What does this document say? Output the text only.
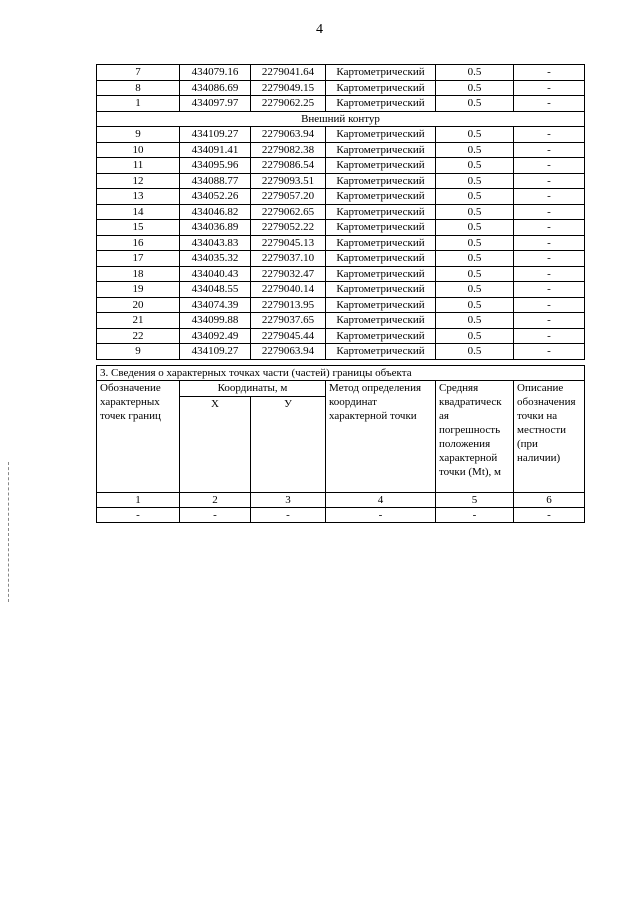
4
7	434079.16	2279041.64	Картометрический	0.5	-
8	434086.69	2279049.15	Картометрический	0.5	-
1	434097.97	2279062.25	Картометрический	0.5	-
Внешний контур					
9	434109.27	2279063.94	Картометрический	0.5	-
10	434091.41	2279082.38	Картометрический	0.5	-
11	434095.96	2279086.54	Картометрический	0.5	-
12	434088.77	2279093.51	Картометрический	0.5	-
13	434052.26	2279057.20	Картометрический	0.5	-
14	434046.82	2279062.65	Картометрический	0.5	-
15	434036.89	2279052.22	Картометрический	0.5	-
16	434043.83	2279045.13	Картометрический	0.5	-
17	434035.32	2279037.10	Картометрический	0.5	-
18	434040.43	2279032.47	Картометрический	0.5	-
19	434048.55	2279040.14	Картометрический	0.5	-
20	434074.39	2279013.95	Картометрический	0.5	-
21	434099.88	2279037.65	Картометрический	0.5	-
22	434092.49	2279045.44	Картометрический	0.5	-
9	434109.27	2279063.94	Картометрический	0.5	-
3. Сведения о характерных точках части (частей) границы объекта					
Обозначение характерных точек границ	Координаты, м		Метод определения координат характерной точки	Средняя квадратическ ая погрешность положения характерной точки (Mt), м	Описание обозначения точки на местности (при наличии)
	X	У			
1	2	3	4	5	6
-	-	-	-	-	-
